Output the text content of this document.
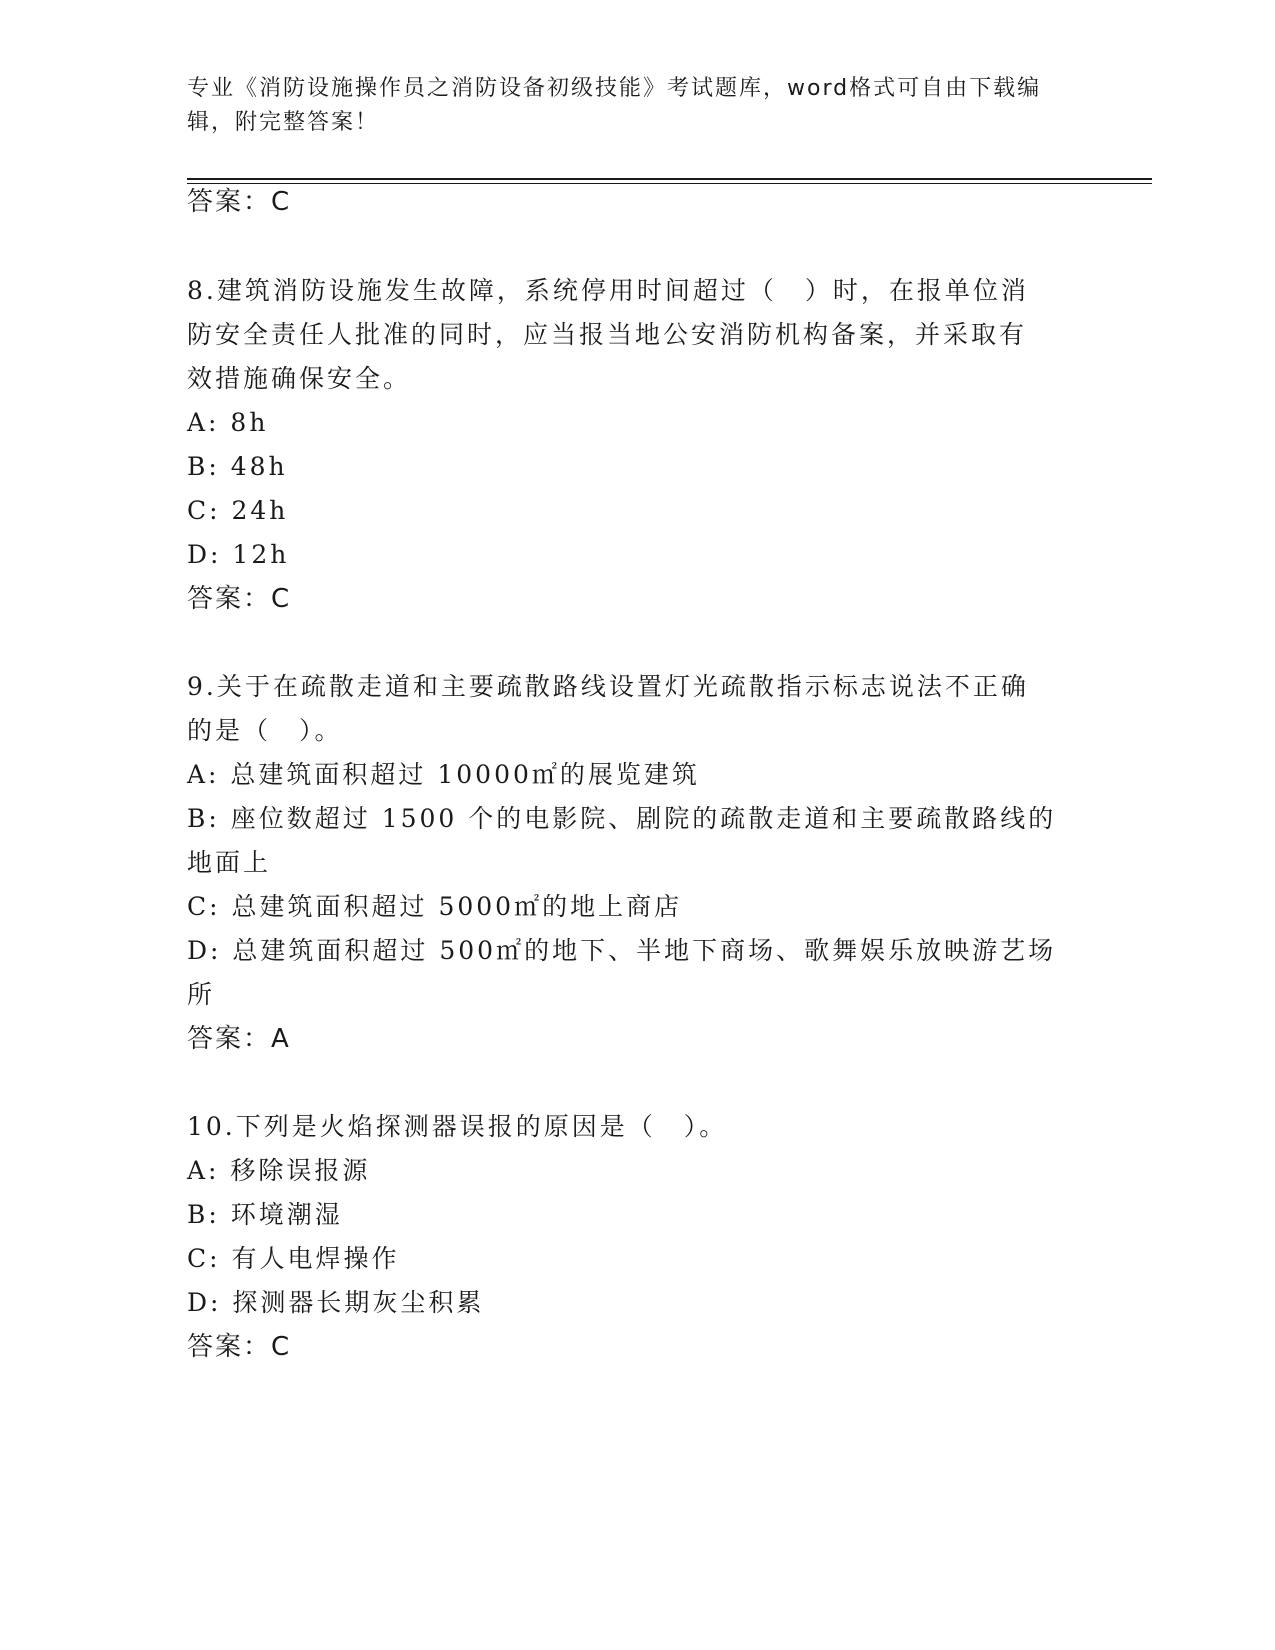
专业《消防设施操作员之消防设备初级技能》考试题库，word格式可自由下载编
辑，附完整答案！
答案：C
8.建筑消防设施发生故障，系统停用时间超过（　）时，在报单位消
防安全责任人批准的同时，应当报当地公安消防机构备案，并采取有
效措施确保安全。
A: 8h
B: 48h
C: 24h
D: 12h
答案：C
9.关于在疏散走道和主要疏散路线设置灯光疏散指示标志说法不正确
的是（　）。
A: 总建筑面积超过 10000㎡的展览建筑
B: 座位数超过 1500 个的电影院、剧院的疏散走道和主要疏散路线的
地面上
C: 总建筑面积超过 5000㎡的地上商店
D: 总建筑面积超过 500㎡的地下、半地下商场、歌舞娱乐放映游艺场
所
答案：A
10.下列是火焰探测器误报的原因是（　）。
A: 移除误报源
B: 环境潮湿
C: 有人电焊操作
D: 探测器长期灰尘积累
答案：C
